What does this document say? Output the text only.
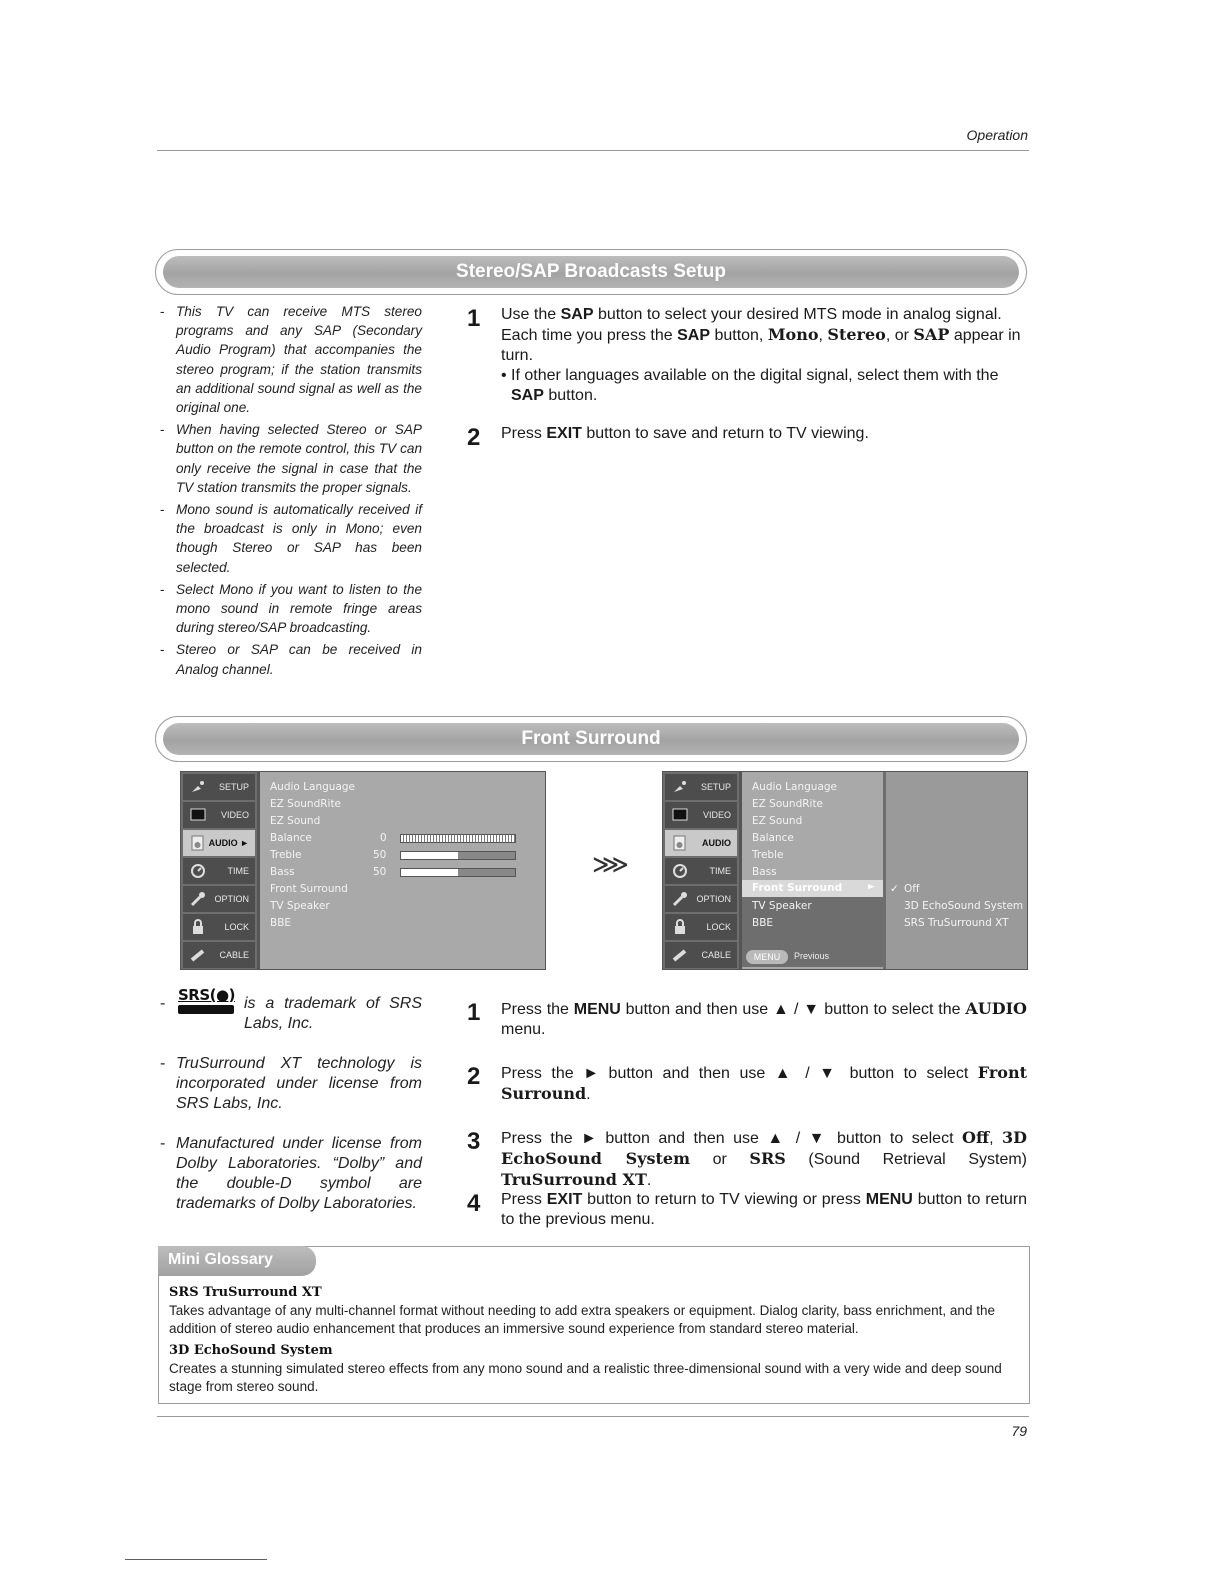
Operation
Stereo/SAP Broadcasts Setup
- This TV can receive MTS stereo programs and any SAP (Secondary Audio Program) that accompanies the stereo program; if the station transmits an additional sound signal as well as the original one.
- When having selected Stereo or SAP button on the remote control, this TV can only receive the signal in case that the TV station transmits the proper signals.
- Mono sound is automatically received if the broadcast is only in Mono; even though Stereo or SAP has been selected.
- Select Mono if you want to listen to the mono sound in remote fringe areas during stereo/SAP broadcasting.
- Stereo or SAP can be received in Analog channel.
1 Use the SAP button to select your desired MTS mode in analog signal. Each time you press the SAP button, Mono, Stereo, or SAP appear in turn.
• If other languages available on the digital signal, select them with the
SAP button.
2 Press EXIT button to save and return to TV viewing.
Front Surround
SETUP
VIDEO
AUDIO ►
TIME
OPTION
LOCK
CABLE
Audio Language
EZ SoundRite
EZ Sound
Balance	0
Treble	50
Bass	50
Front Surround
TV Speaker
BBE
⋙
SETUP
VIDEO
AUDIO
TIME
OPTION
LOCK
CABLE
Audio Language
EZ SoundRite
EZ Sound
Balance
Treble
Bass
Front Surround	►
TV Speaker
BBE
MENU	Previous
✓ Off
3D EchoSound System
SRS TruSurround XT
SRS(●) - is a trademark of SRS Labs, Inc.
- TruSurround XT technology is incorporated under license from SRS Labs, Inc.
- Manufactured under license from Dolby Laboratories. “Dolby” and the double-D symbol are trademarks of Dolby Laboratories.
1 Press the MENU button and then use ▲ / ▼ button to select the AUDIO menu.
2 Press the ► button and then use ▲ / ▼ button to select Front Surround.
3 Press the ► button and then use ▲ / ▼ button to select Off, 3D EchoSound System or SRS (Sound Retrieval System) TruSurround XT.
4 Press EXIT button to return to TV viewing or press MENU button to return to the previous menu.
Mini Glossary
SRS TruSurround XT
Takes advantage of any multi-channel format without needing to add extra speakers or equipment. Dialog clarity, bass enrichment, and the addition of stereo audio enhancement that produces an immersive sound experience from standard stereo material.
3D EchoSound System
Creates a stunning simulated stereo effects from any mono sound and a realistic three-dimensional sound with a very wide and deep sound stage from stereo sound.
79
